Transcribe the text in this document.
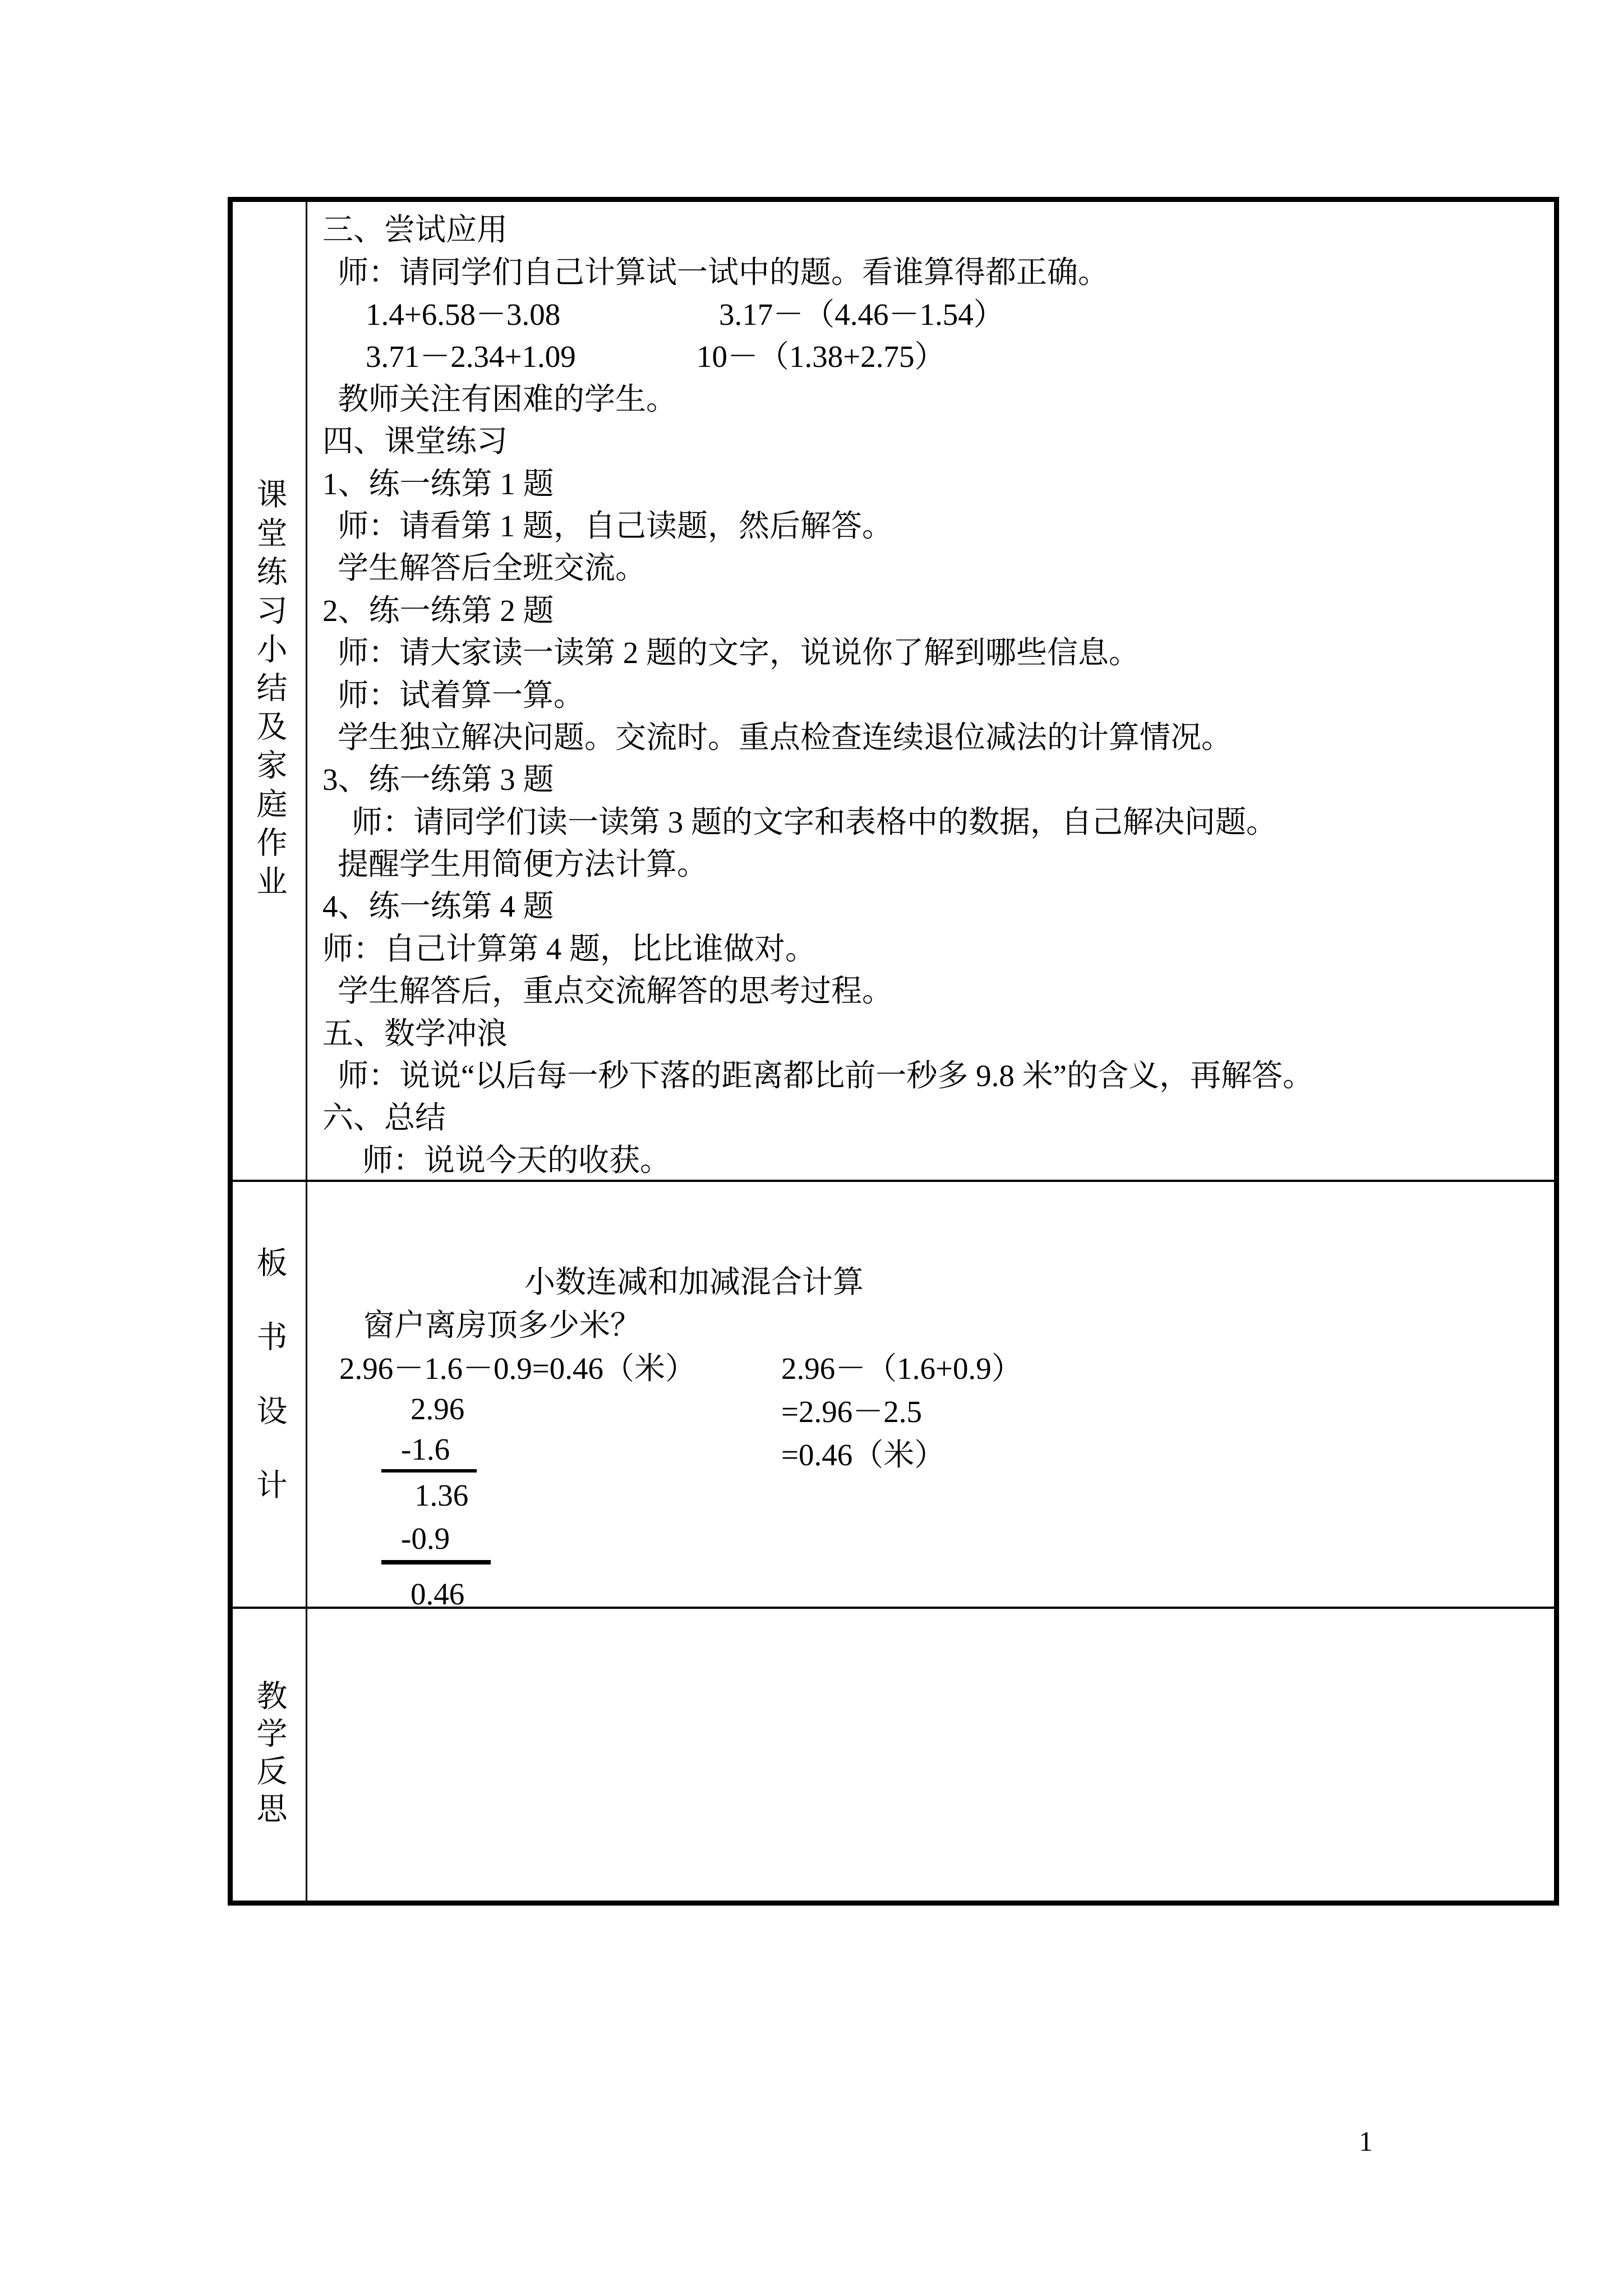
课堂练习小结及家庭作业
三、尝试应用
师：请同学们自己计算试一试中的题。看谁算得都正确。
1.4+6.58－3.08	3.17－（4.46－1.54）
3.71－2.34+1.09	10－（1.38+2.75）
教师关注有困难的学生。
四、课堂练习
1、练一练第 1 题
师：请看第 1 题，自己读题，然后解答。
学生解答后全班交流。
2、练一练第 2 题
师：请大家读一读第 2 题的文字，说说你了解到哪些信息。
师：试着算一算。
学生独立解决问题。交流时。重点检查连续退位减法的计算情况。
3、练一练第 3 题
师：请同学们读一读第 3 题的文字和表格中的数据，自己解决问题。
提醒学生用简便方法计算。
4、练一练第 4 题
师：自己计算第 4 题，比比谁做对。
学生解答后，重点交流解答的思考过程。
五、数学冲浪
师：说说“以后每一秒下落的距离都比前一秒多 9.8 米”的含义，再解答。
六、总结
师：说说今天的收获。
板书设计	小数连减和加减混合计算
窗户离房顶多少米？
2.96－1.6－0.9=0.46（米）	2.96－（1.6+0.9）
2.96	=2.96－2.5
-1.6	=0.46（米）
1.36
-0.9
0.46
教学反思
1
